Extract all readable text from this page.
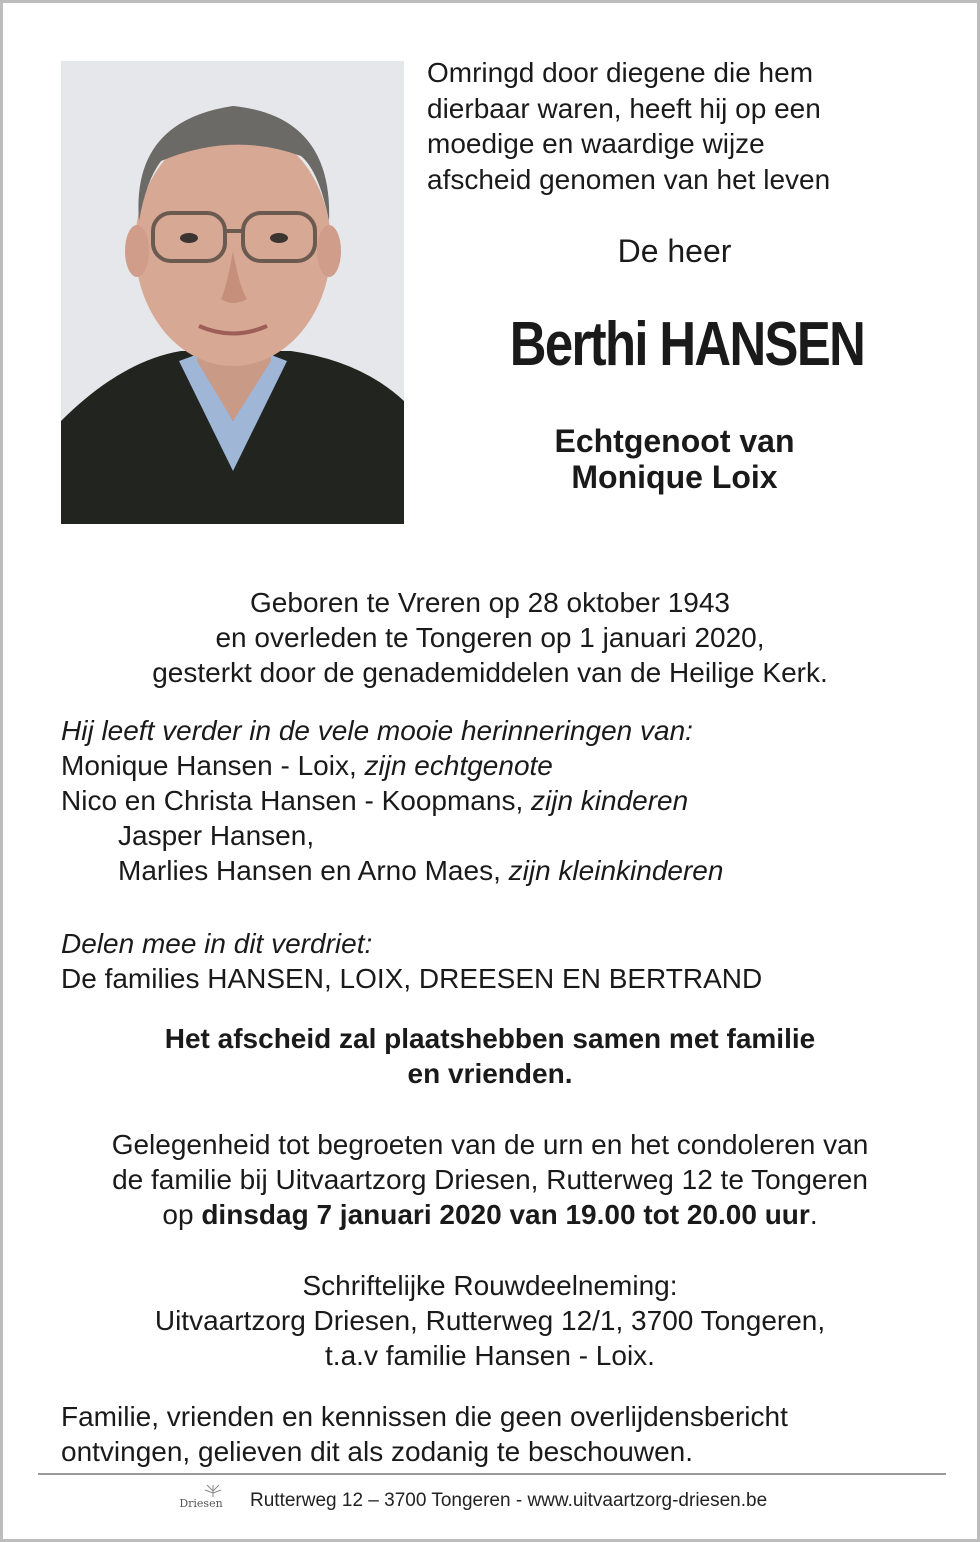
Omringd door diegene die hem
dierbaar waren, heeft hij op een
moedige en waardige wijze
afscheid genomen van het leven
De heer
Berthi HANSEN
Echtgenoot van
Monique Loix
Geboren te Vreren op 28 oktober 1943
en overleden te Tongeren op 1 januari 2020,
gesterkt door de genademiddelen van de Heilige Kerk.
Hij leeft verder in de vele mooie herinneringen van:
Monique Hansen - Loix, zijn echtgenote
Nico en Christa Hansen - Koopmans, zijn kinderen
Jasper Hansen,
Marlies Hansen en Arno Maes, zijn kleinkinderen
Delen mee in dit verdriet:
De families HANSEN, LOIX, DREESEN EN BERTRAND
Het afscheid zal plaatshebben samen met familie
en vrienden.
Gelegenheid tot begroeten van de urn en het condoleren van
de familie bij Uitvaartzorg Driesen, Rutterweg 12 te Tongeren
op dinsdag 7 januari 2020 van 19.00 tot 20.00 uur.
Schriftelijke Rouwdeelneming:
Uitvaartzorg Driesen, Rutterweg 12/1, 3700 Tongeren,
t.a.v familie Hansen - Loix.
Familie, vrienden en kennissen die geen overlijdensbericht
ontvingen, gelieven dit als zodanig te beschouwen.
Driesen	Rutterweg 12 – 3700 Tongeren - www.uitvaartzorg-driesen.be
